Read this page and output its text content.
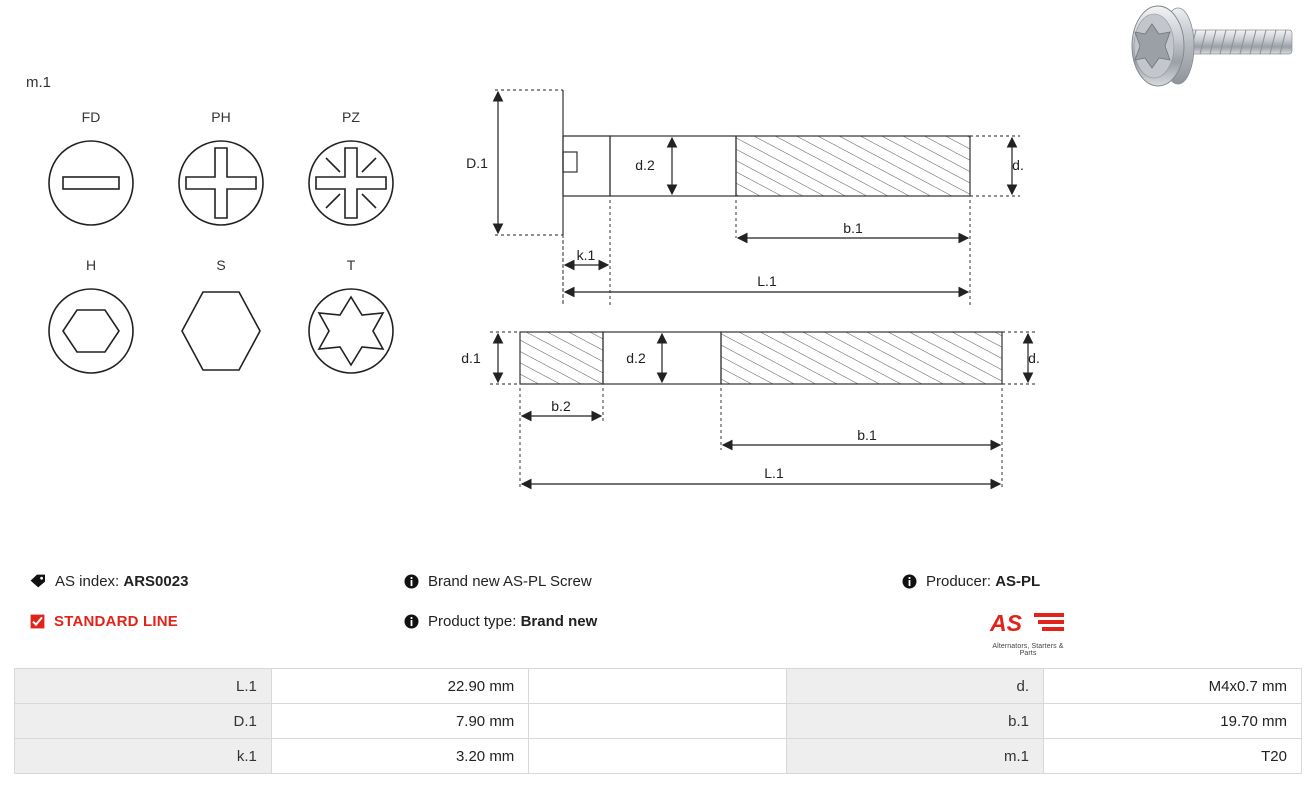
m.1
FD	PH	PZ
H	S	T
D.1	d.2	d.
k.1
b.1
L.1
d.1	d.2	d.
b.2
b.1
L.1
AS index:
ARS0023
STANDARD LINE
Brand new AS-PL Screw
Product type:
Brand new
Producer:
AS-PL
AS
Alternators, Starters & Parts
L.1	22.90 mm		d.	M4x0.7 mm
D.1	7.90 mm		b.1	19.70 mm
k.1	3.20 mm		m.1	T20
